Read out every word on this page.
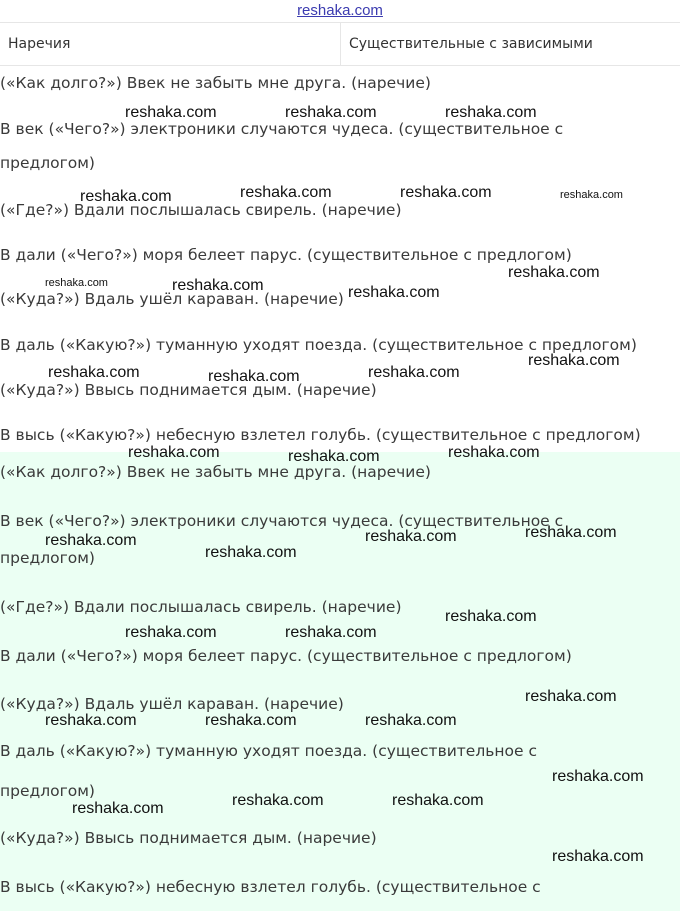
reshaka.com
Наречия	Существительные с зависимыми
(«Как долго?») Ввек не забыть мне друга. (наречие)
В век («Чего?») электроники случаются чудеса. (существительное с
предлогом)
(«Где?») Вдали послышалась свирель. (наречие)
В дали («Чего?») моря белеет парус. (существительное с предлогом)
(«Куда?») Вдаль ушёл караван. (наречие)
В даль («Какую?») туманную уходят поезда. (существительное с предлогом)
(«Куда?») Ввысь поднимается дым. (наречие)
В высь («Какую?») небесную взлетел голубь. (существительное с предлогом)
(«Как долго?») Ввек не забыть мне друга. (наречие)
В век («Чего?») электроники случаются чудеса. (существительное с
предлогом)
(«Где?») Вдали послышалась свирель. (наречие)
В дали («Чего?») моря белеет парус. (существительное с предлогом)
(«Куда?») Вдаль ушёл караван. (наречие)
В даль («Какую?») туманную уходят поезда. (существительное с
предлогом)
(«Куда?») Ввысь поднимается дым. (наречие)
В высь («Какую?») небесную взлетел голубь. (существительное с
reshaka.com	reshaka.com	reshaka.com
reshaka.com	reshaka.com	reshaka.com	reshaka.com
reshaka.com	reshaka.com	reshaka.com
reshaka.com
reshaka.com	reshaka.com	reshaka.com
reshaka.com
reshaka.com	reshaka.com	reshaka.com
reshaka.com
reshaka.com
reshaka.com	reshaka.com
reshaka.com
reshaka.com	reshaka.com
reshaka.com
reshaka.com	reshaka.com	reshaka.com
reshaka.com
reshaka.com	reshaka.com	reshaka.com
reshaka.com
